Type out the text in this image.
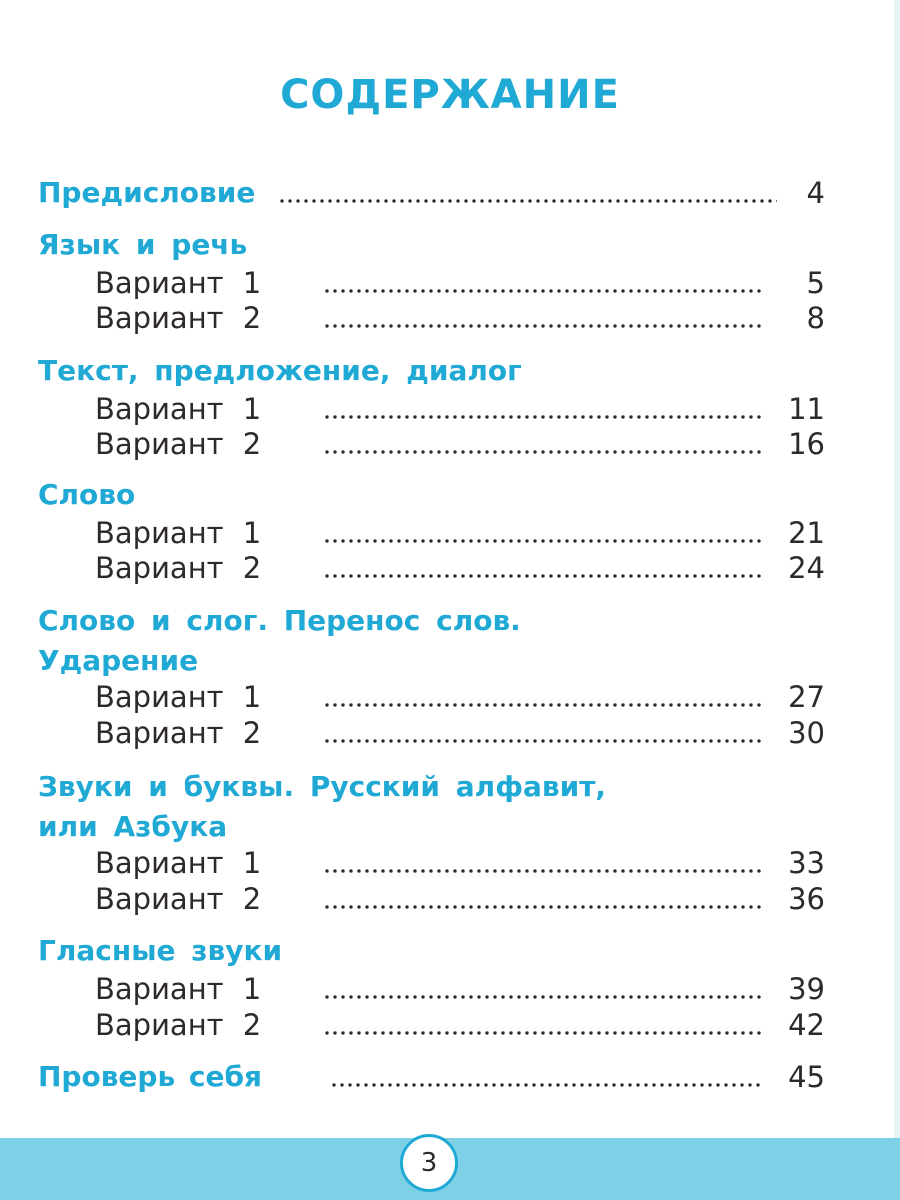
СОДЕРЖАНИЕ
Предисловие	4
Язык и речь
Вариант 1	5
Вариант 2	8
Текст, предложение, диалог
Вариант 1	11
Вариант 2	16
Слово
Вариант 1	21
Вариант 2	24
Слово и слог. Перенос слов.
Ударение
Вариант 1	27
Вариант 2	30
Звуки и буквы. Русский алфавит,
или Азбука
Вариант 1	33
Вариант 2	36
Гласные звуки
Вариант 1	39
Вариант 2	42
Проверь себя	45
3
